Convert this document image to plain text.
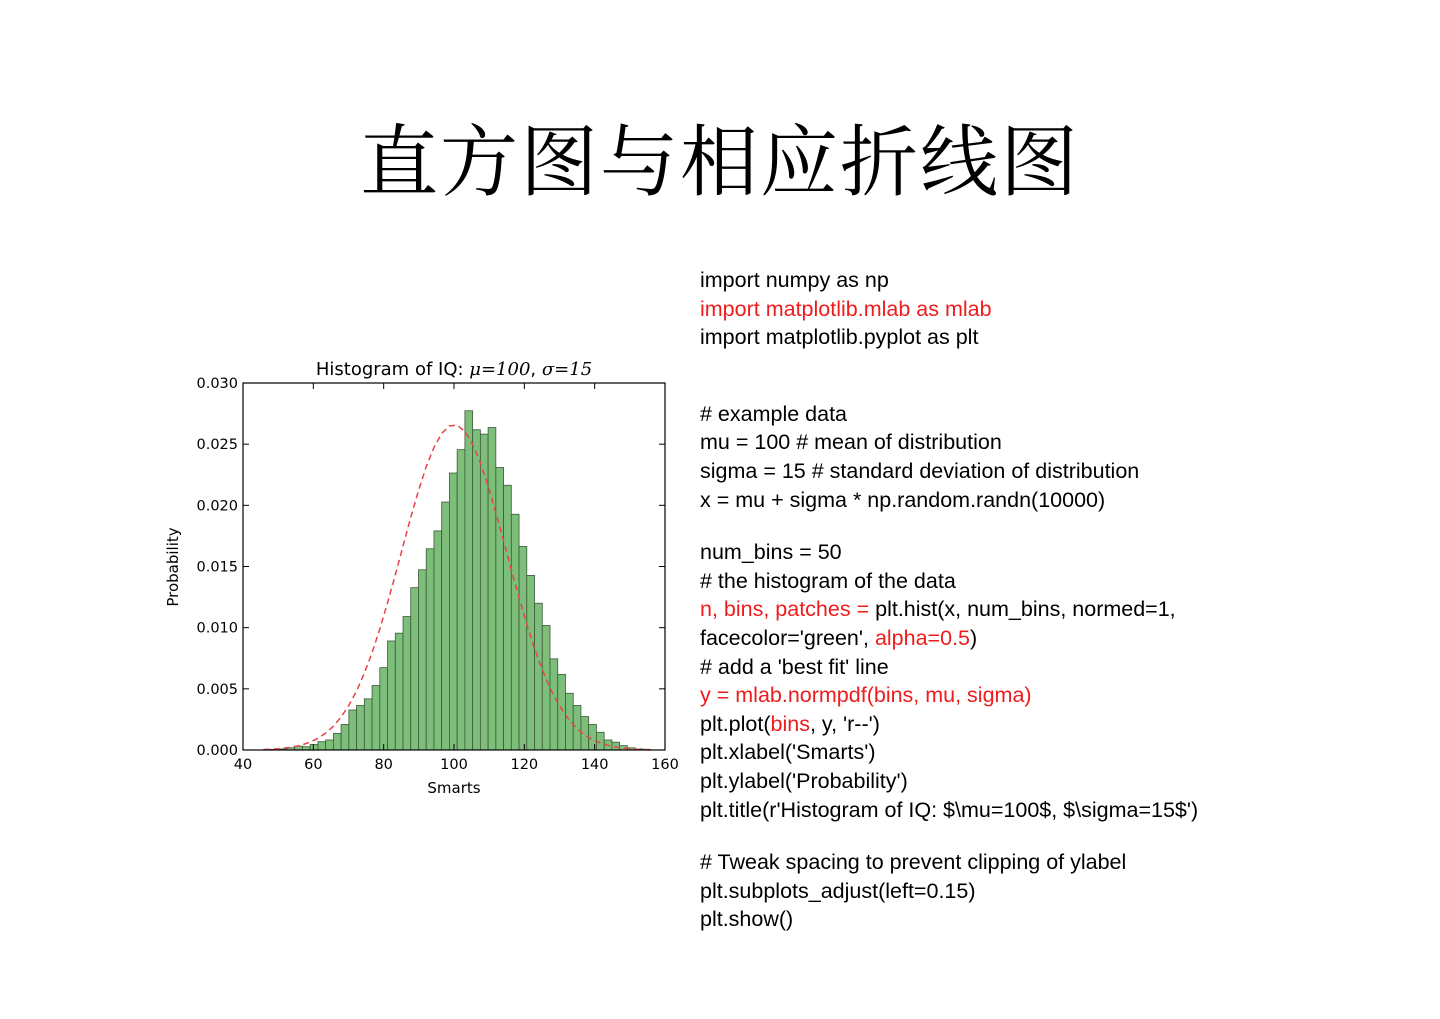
直方图与相应折线图
40	60	80	100	120	140	160
0.000
0.005
0.010
0.015
0.020
0.025
0.030
Histogram of IQ: μ=100, σ=15
Smarts
Probability
import numpy as np
import matplotlib.mlab as mlab
import matplotlib.pyplot as plt
# example data
mu = 100 # mean of distribution
sigma = 15 # standard deviation of distribution
x = mu + sigma * np.random.randn(10000)
num_bins = 50
# the histogram of the data
n, bins, patches = plt.hist(x, num_bins, normed=1,
facecolor='green', alpha=0.5)
# add a 'best fit' line
y = mlab.normpdf(bins, mu, sigma)
plt.plot(bins, y, 'r--')
plt.xlabel('Smarts')
plt.ylabel('Probability')
plt.title(r'Histogram of IQ: $\mu=100$, $\sigma=15$')
# Tweak spacing to prevent clipping of ylabel
plt.subplots_adjust(left=0.15)
plt.show()
